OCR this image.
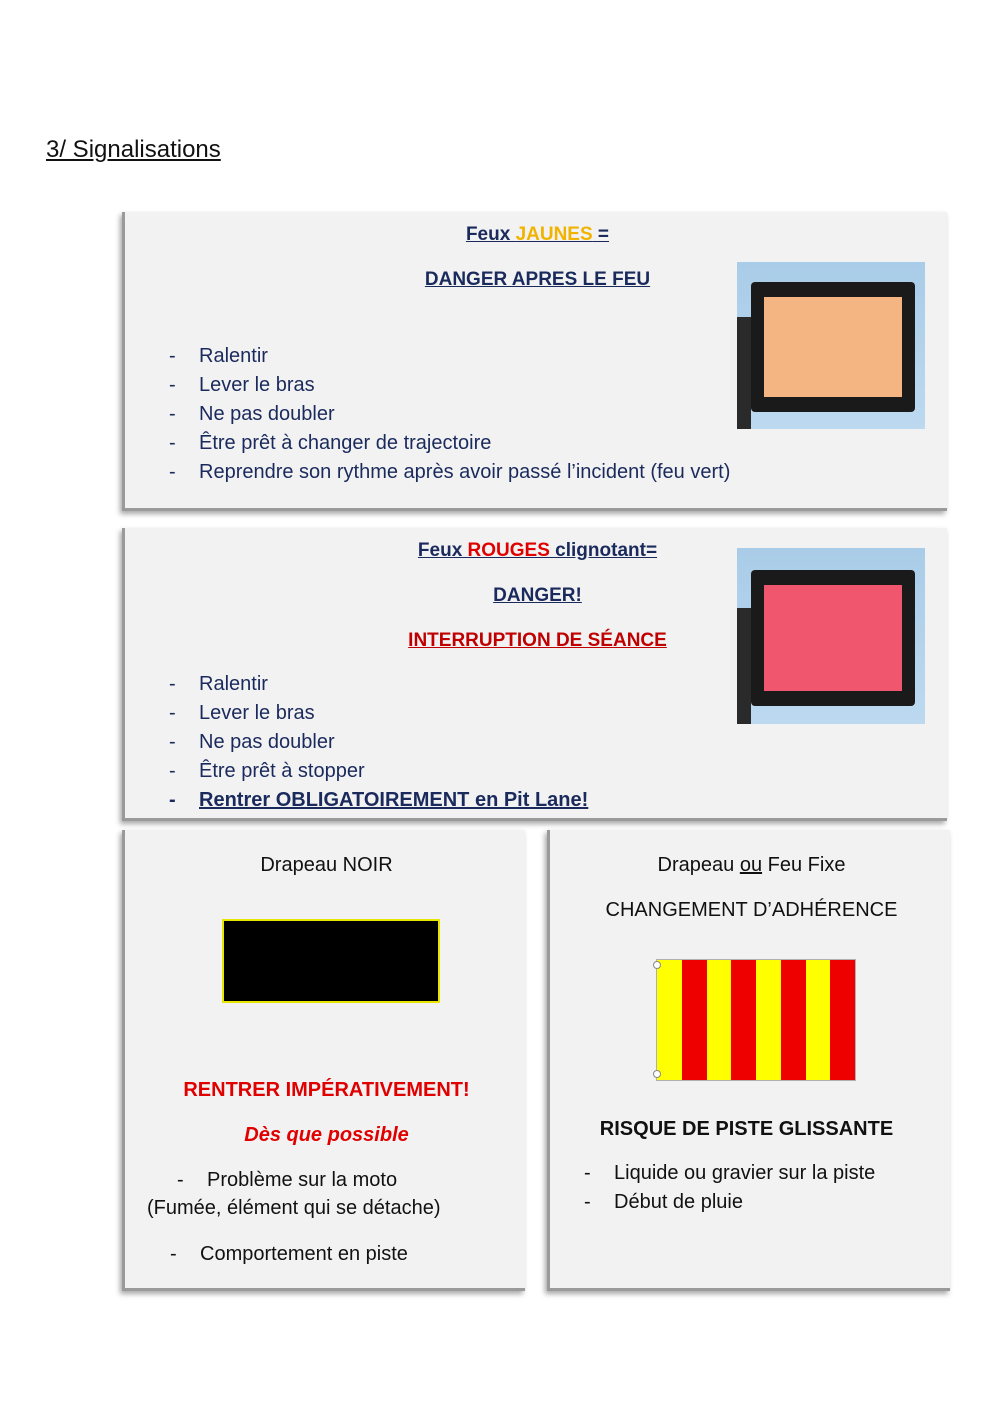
3/ Signalisations
Feux JAUNES =
DANGER APRES LE FEU
- Ralentir
- Lever le bras
- Ne pas doubler
- Être prêt à changer de trajectoire
- Reprendre son rythme après avoir passé l’incident (feu vert)
Feux ROUGES clignotant=
DANGER!
INTERRUPTION DE SÉANCE
- Ralentir
- Lever le bras
- Ne pas doubler
- Être prêt à stopper
- Rentrer OBLIGATOIREMENT en Pit Lane!
Drapeau NOIR
RENTRER IMPÉRATIVEMENT!
Dès que possible
- Problème sur la moto
(Fumée, élément qui se détache)
- Comportement en piste
Drapeau ou Feu Fixe
CHANGEMENT D’ADHÉRENCE
RISQUE DE PISTE GLISSANTE
- Liquide ou gravier sur la piste
- Début de pluie
